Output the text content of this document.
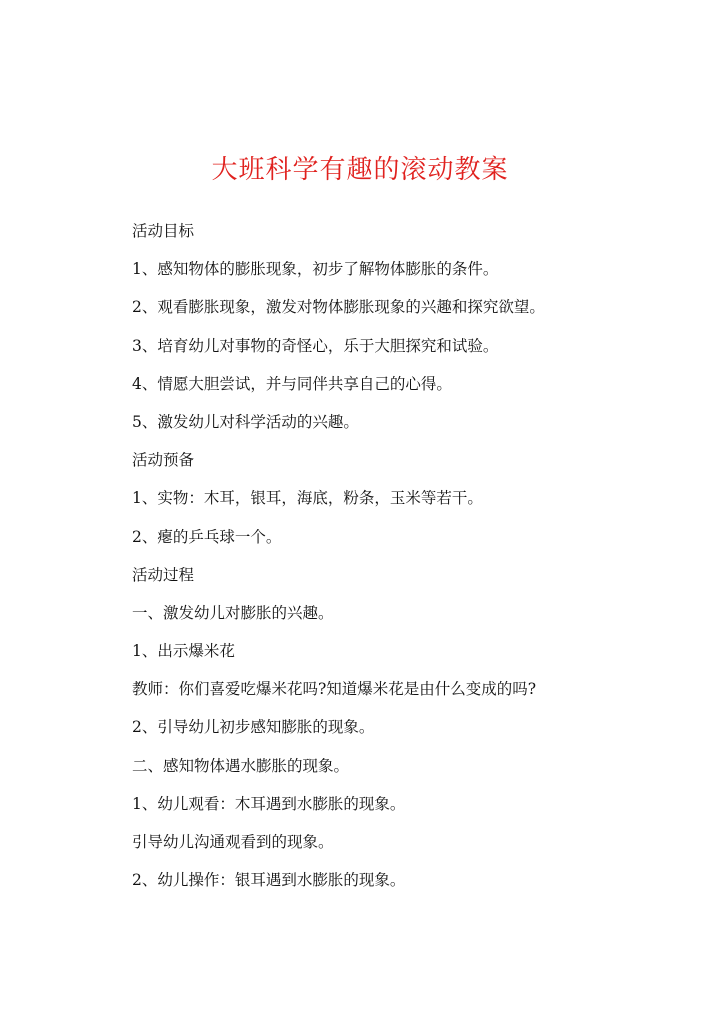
大班科学有趣的滚动教案
活动目标
1、感知物体的膨胀现象，初步了解物体膨胀的条件。
2、观看膨胀现象，激发对物体膨胀现象的兴趣和探究欲望。
3、培育幼儿对事物的奇怪心，乐于大胆探究和试验。
4、情愿大胆尝试，并与同伴共享自己的心得。
5、激发幼儿对科学活动的兴趣。
活动预备
1、实物：木耳，银耳，海底，粉条，玉米等若干。
2、瘪的乒乓球一个。
活动过程
一、激发幼儿对膨胀的兴趣。
1、出示爆米花
教师：你们喜爱吃爆米花吗?知道爆米花是由什么变成的吗?
2、引导幼儿初步感知膨胀的现象。
二、感知物体遇水膨胀的现象。
1、幼儿观看：木耳遇到水膨胀的现象。
引导幼儿沟通观看到的现象。
2、幼儿操作：银耳遇到水膨胀的现象。
